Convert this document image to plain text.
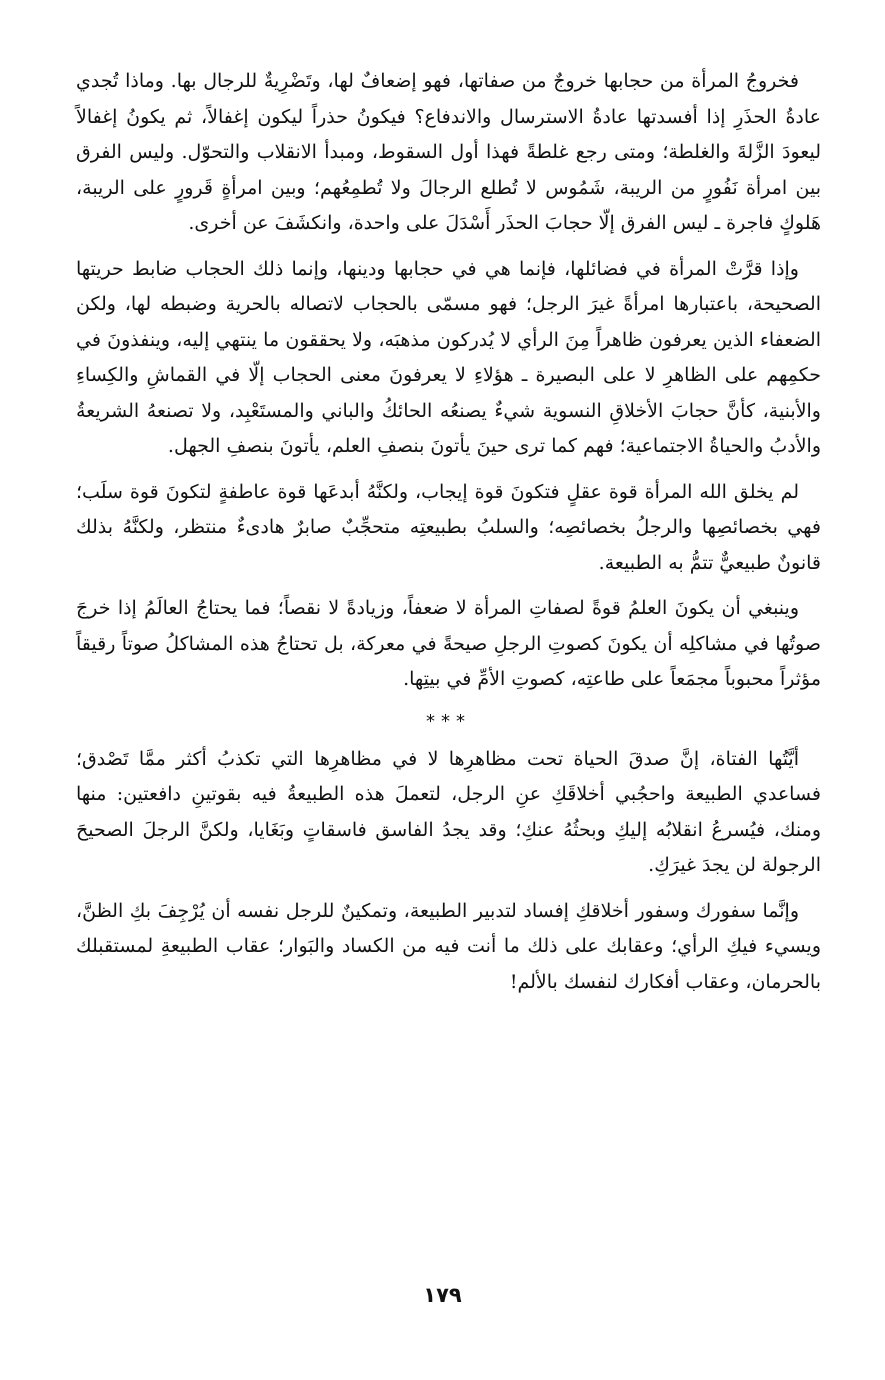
فخروجُ المرأة من حجابها خروجٌ من صفاتها، فهو إضعافٌ لها، وتَضْرِيةٌ للرجال بها. وماذا تُجدي عادةُ الحذَرِ إذا أفسدتها عادةُ الاسترسال والاندفاع؟ فيكونُ حذراً ليكون إغفالاً، ثم يكونُ إغفالاً ليعودَ الزَّلةَ والغلطة؛ ومتى رجع غلطةً فهذا أول السقوط، ومبدأ الانقلاب والتحوّل. وليس الفرق بين امرأة نَفُورٍ من الريبة، شَمُوس لا تُطلع الرجالَ ولا تُطمِعُهم؛ وبين امرأةٍ قَرورٍ على الريبة، هَلوكٍ فاجرة ـ ليس الفرق إلّا حجابَ الحذَر أَسْدَلَ على واحدة، وانكشَفَ عن أخرى.

وإذا قرَّتْ المرأة في فضائلها، فإنما هي في حجابها ودينها، وإنما ذلك الحجاب ضابط حريتها الصحيحة، باعتبارها امرأةً غيرَ الرجل؛ فهو مسمّى بالحجاب لاتصاله بالحرية وضبطه لها، ولكن الضعفاء الذين يعرفون ظاهراً مِنَ الرأي لا يُدركون مذهبَه، ولا يحققون ما ينتهي إليه، وينفذونَ في حكمِهم على الظاهرِ لا على البصيرة ـ هؤلاءِ لا يعرفونَ معنى الحجاب إلّا في القماشِ والكِساءِ والأبنية، كأنَّ حجابَ الأخلاقِ النسوية شيءٌ يصنعُه الحائكُ والباني والمستَعْبِد، ولا تصنعهُ الشريعةُ والأدبُ والحياةُ الاجتماعية؛ فهم كما ترى حينَ يأتونَ بنصفِ العلم، يأتونَ بنصفِ الجهل.

لم يخلق الله المرأة قوة عقلٍ فتكونَ قوة إيجاب، ولكنَّهُ أبدعَها قوة عاطفةٍ لتكونَ قوة سلَب؛ فهي بخصائصِها والرجلُ بخصائصِه؛ والسلبُ بطبيعتِه متحجِّبٌ صابرٌ هادىءٌ منتظر، ولكنَّهُ بذلك قانونٌ طبيعيٌّ تتمُّ به الطبيعة.

وينبغي أن يكونَ العلمُ قوةً لصفاتِ المرأة لا ضعفاً، وزيادةً لا نقصاً؛ فما يحتاجُ العالَمُ إذا خرجَ صوتُها في مشاكلِه أن يكونَ كصوتِ الرجلِ صيحةً في معركة، بل تحتاجُ هذه المشاكلُ صوتاً رقيقاً مؤثراً محبوباً مجمَعاً على طاعتِه، كصوتِ الأمِّ في بيتِها.

***

أيَّتُها الفتاة، إنَّ صدقَ الحياة تحت مظاهرِها لا في مظاهرِها التي تكذبُ أكثر ممَّا تَصْدق؛ فساعدي الطبيعة واحجُبي أخلاقَكِ عنِ الرجل، لتعملَ هذه الطبيعةُ فيه بقوتينِ دافعتين: منها ومنك، فيُسرعُ انقلابُه إليكِ وبحثُهُ عنكِ؛ وقد يجدُ الفاسق فاسقاتٍ وبَغَايا، ولكنَّ الرجلَ الصحيحَ الرجولة لن يجدَ غيرَكِ.

وإنَّما سفورك وسفور أخلاقكِ إفساد لتدبير الطبيعة، وتمكينٌ للرجل نفسه أن يُرْجِفَ بكِ الظنَّ، ويسيء فيكِ الرأي؛ وعقابك على ذلك ما أنت فيه من الكساد والبَوار؛ عقاب الطبيعةِ لمستقبلك بالحرمان، وعقاب أفكارك لنفسك بالألم!

١٧٩
